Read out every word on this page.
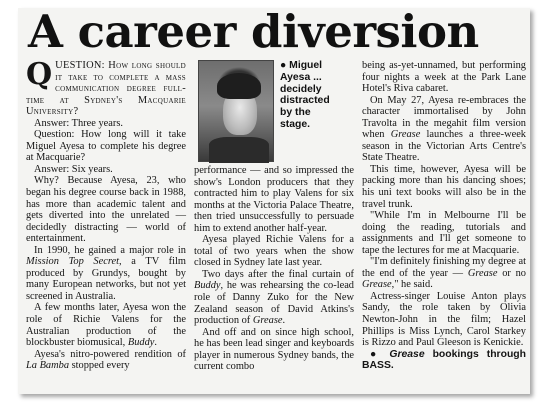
A career diversion

QUESTION: How long should it take to complete a mass communication degree full-time at Sydney's Macquarie University?

Answer: Three years.

Question: How long will it take Miguel Ayesa to complete his degree at Macquarie?

Answer: Six years.

Why? Because Ayesa, 23, who began his degree course back in 1988, has more than academic talent and gets diverted into the unrelated — decidedly distracting — world of entertainment.

In 1990, he gained a major role in Mission Top Secret, a TV film produced by Grundys, bought by many European networks, but not yet screened in Australia.

A few months later, Ayesa won the role of Richie Valens for the Australian production of the blockbuster biomusical, Buddy.

Ayesa's nitro-powered rendition of La Bamba stopped every

● Miguel
Ayesa ...
decidely
distracted
by the
stage.

performance — and so impressed the show's London producers that they contracted him to play Valens for six months at the Victoria Palace Theatre, then tried unsuccessfully to persuade him to extend another half-year.

Ayesa played Richie Valens for a total of two years when the show closed in Sydney late last year.

Two days after the final curtain of Buddy, he was rehearsing the co-lead role of Danny Zuko for the New Zealand season of David Atkins's production of Grease.

And off and on since high school, he has been lead singer and keyboards player in numerous Sydney bands, the current combo

being as-yet-unnamed, but performing four nights a week at the Park Lane Hotel's Riva cabaret.

On May 27, Ayesa re-embraces the character immortalised by John Travolta in the megahit film version when Grease launches a three-week season in the Victorian Arts Centre's State Theatre.

This time, however, Ayesa will be packing more than his dancing shoes; his uni text books will also be in the travel trunk.

"While I'm in Melbourne I'll be doing the reading, tutorials and assignments and I'll get someone to tape the lectures for me at Macquarie.

"I'm definitely finishing my degree at the end of the year — Grease or no Grease," he said.

Actress-singer Louise Anton plays Sandy, the role taken by Olivia Newton-John in the film; Hazel Phillips is Miss Lynch, Carol Starkey is Rizzo and Paul Gleeson is Kenickie.

● Grease bookings through BASS.
